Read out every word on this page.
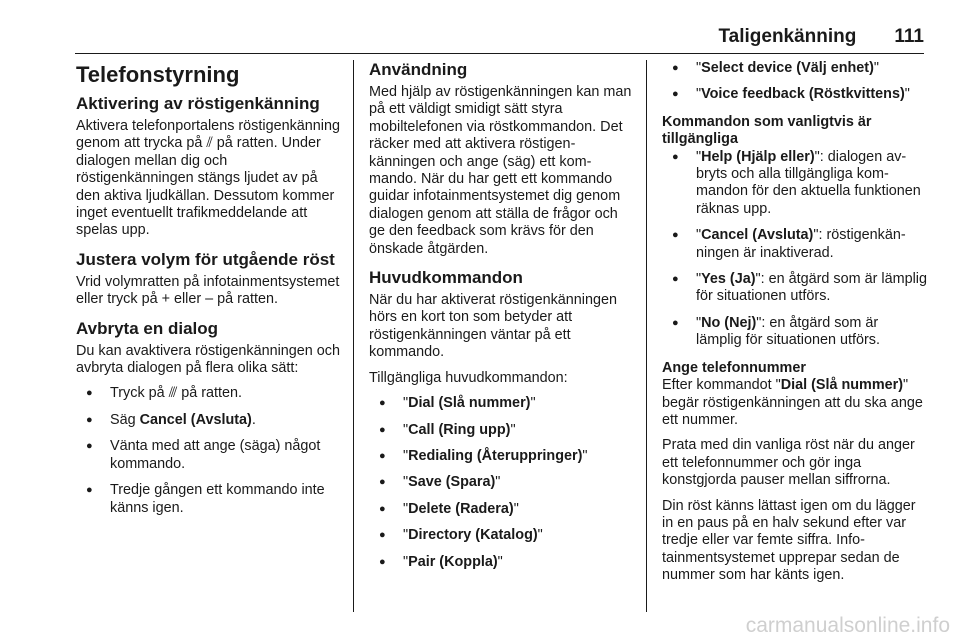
Taligenkänning 111
Telefonstyrning
Aktivering av röstigenkänning

Aktivera telefonportalens röstigenkänning genom att trycka på ⫽ på ratten. Under dialogen mellan dig och röstigenkänningen stängs ljudet av på den aktiva ljudkällan. Dessutom kommer inget eventuellt trafikmeddelande att spelas upp.

Justera volym för utgående röst

Vrid volymratten på infotainmentsystemet eller tryck på + eller – på ratten.

Avbryta en dialog

Du kan avaktivera röstigenkänningen och avbryta dialogen på flera olika sätt:

● Tryck på ⫻ på ratten.
● Säg Cancel (Avsluta).
● Vänta med att ange (säga) något kommando.
● Tredje gången ett kommando inte känns igen.
Användning

Med hjälp av röstigenkänningen kan man på ett väldigt smidigt sätt styra mobiltelefonen via röstkommandon. Det räcker med att aktivera röstigenkänningen och ange (säg) ett kommando. När du har gett ett kommando guidar infotainmentsystemet dig genom dialogen genom att ställa de frågor och ge den feedback som krävs för den önskade åtgärden.

Huvudkommandon

När du har aktiverat röstigenkänningen hörs en kort ton som betyder att röstigenkänningen väntar på ett kommando.

Tillgängliga huvudkommandon:

● "Dial (Slå nummer)"
● "Call (Ring upp)"
● "Redialing (Återuppringer)"
● "Save (Spara)"
● "Delete (Radera)"
● "Directory (Katalog)"
● "Pair (Koppla)"
● "Select device (Välj enhet)"
● "Voice feedback (Röstkvittens)"
Kommandon som vanligtvis är tillgängliga
● "Help (Hjälp eller)": dialogen avbryts och alla tillgängliga kommandon för den aktuella funktionen räknas upp.
● "Cancel (Avsluta)": röstigenkänningen är inaktiverad.
● "Yes (Ja)": en åtgärd som är lämplig för situationen utförs.
● "No (Nej)": en åtgärd som är lämplig för situationen utförs.
Ange telefonnummer

Efter kommandot "Dial (Slå nummer)" begär röstigenkänningen att du ska ange ett nummer.

Prata med din vanliga röst när du anger ett telefonnummer och gör inga konstgjorda pauser mellan siffrorna.

Din röst känns lättast igen om du lägger in en paus på en halv sekund efter var tredje eller var femte siffra. Infotainmentsystemet upprepar sedan de nummer som har känts igen.

carmanualsonline.info
